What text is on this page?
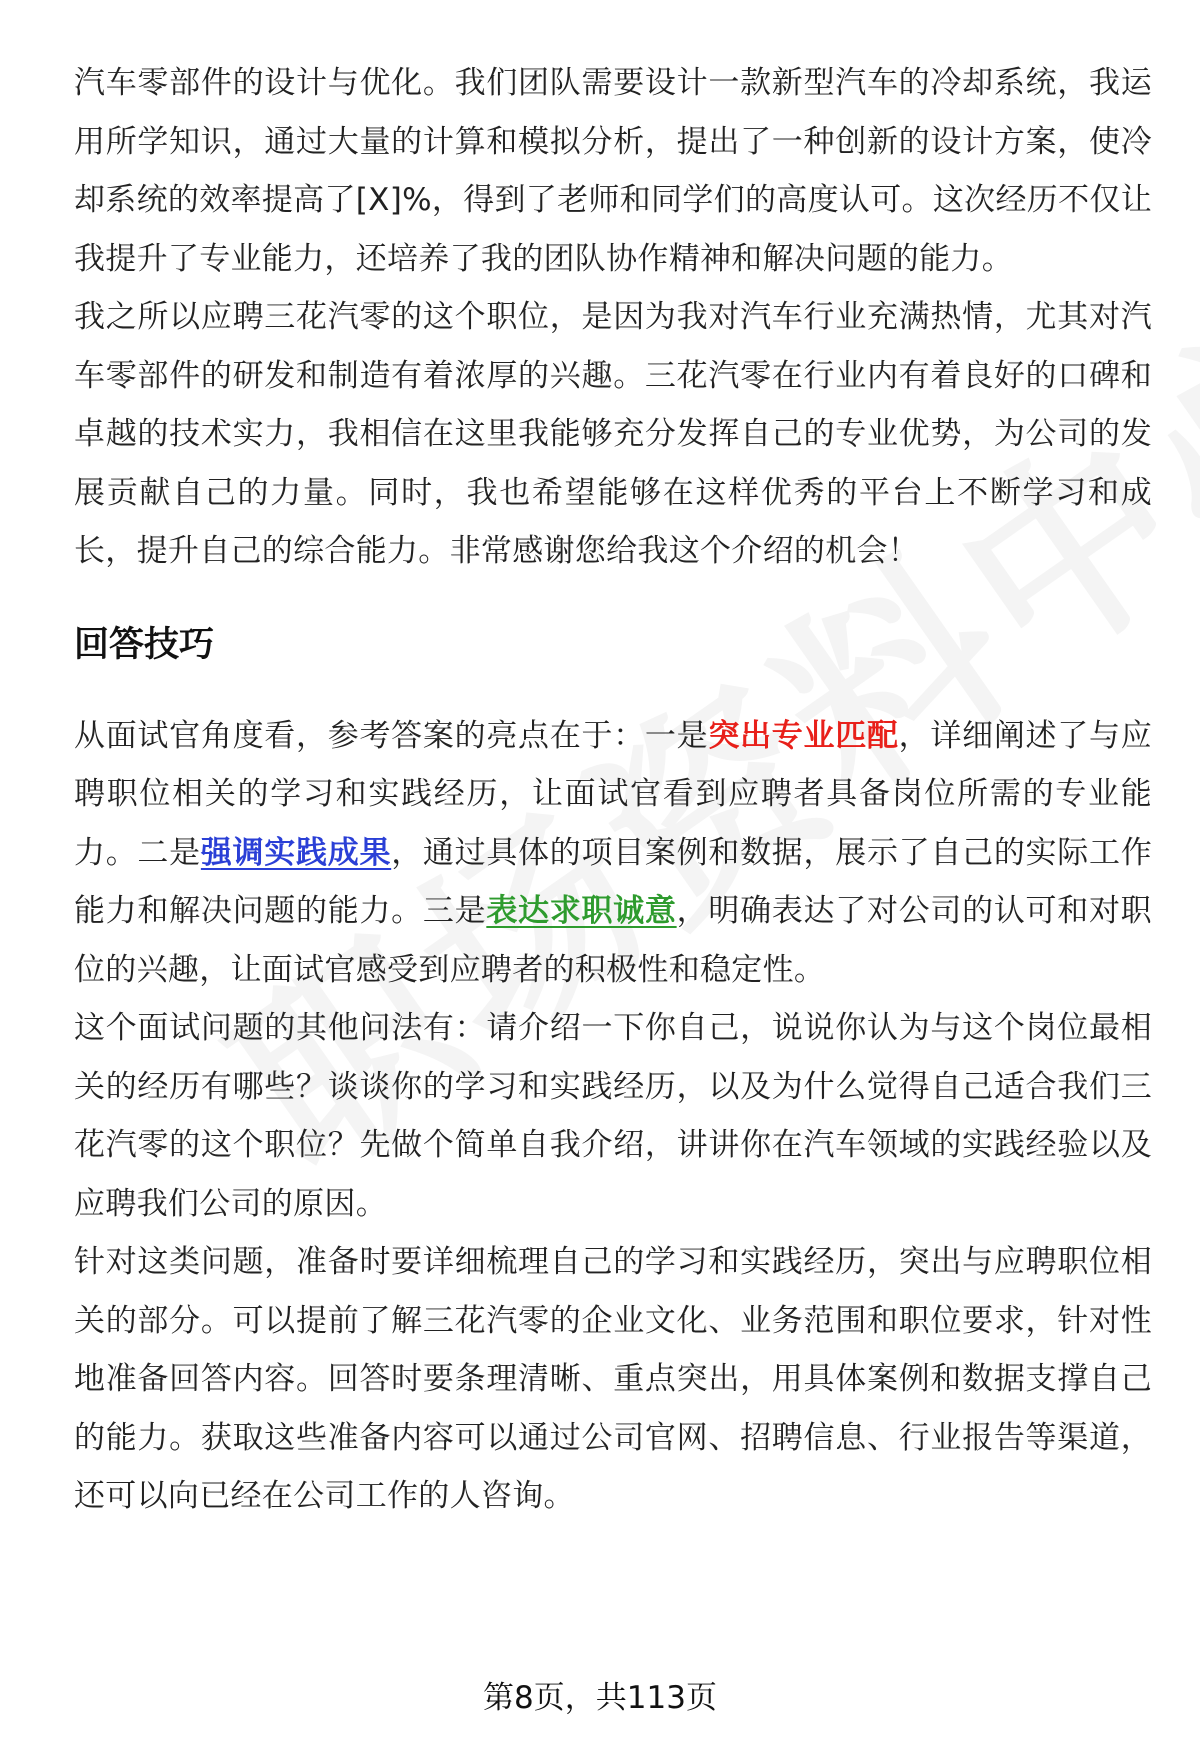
汽车零部件的设计与优化。我们团队需要设计一款新型汽车的冷却系统，我运用所学知识，通过大量的计算和模拟分析，提出了一种创新的设计方案，使冷却系统的效率提高了[X]%，得到了老师和同学们的高度认可。这次经历不仅让我提升了专业能力，还培养了我的团队协作精神和解决问题的能力。

我之所以应聘三花汽零的这个职位，是因为我对汽车行业充满热情，尤其对汽车零部件的研发和制造有着浓厚的兴趣。三花汽零在行业内有着良好的口碑和卓越的技术实力，我相信在这里我能够充分发挥自己的专业优势，为公司的发展贡献自己的力量。同时，我也希望能够在这样优秀的平台上不断学习和成长，提升自己的综合能力。非常感谢您给我这个介绍的机会！

回答技巧

从面试官角度看，参考答案的亮点在于：一是突出专业匹配，详细阐述了与应聘职位相关的学习和实践经历，让面试官看到应聘者具备岗位所需的专业能力。二是强调实践成果，通过具体的项目案例和数据，展示了自己的实际工作能力和解决问题的能力。三是表达求职诚意，明确表达了对公司的认可和对职位的兴趣，让面试官感受到应聘者的积极性和稳定性。

这个面试问题的其他问法有：请介绍一下你自己，说说你认为与这个岗位最相关的经历有哪些？谈谈你的学习和实践经历，以及为什么觉得自己适合我们三花汽零的这个职位？先做个简单自我介绍，讲讲你在汽车领域的实践经验以及应聘我们公司的原因。

针对这类问题，准备时要详细梳理自己的学习和实践经历，突出与应聘职位相关的部分。可以提前了解三花汽零的企业文化、业务范围和职位要求，针对性地准备回答内容。回答时要条理清晰、重点突出，用具体案例和数据支撑自己的能力。获取这些准备内容可以通过公司官网、招聘信息、行业报告等渠道，还可以向已经在公司工作的人咨询。

第8页，共113页
